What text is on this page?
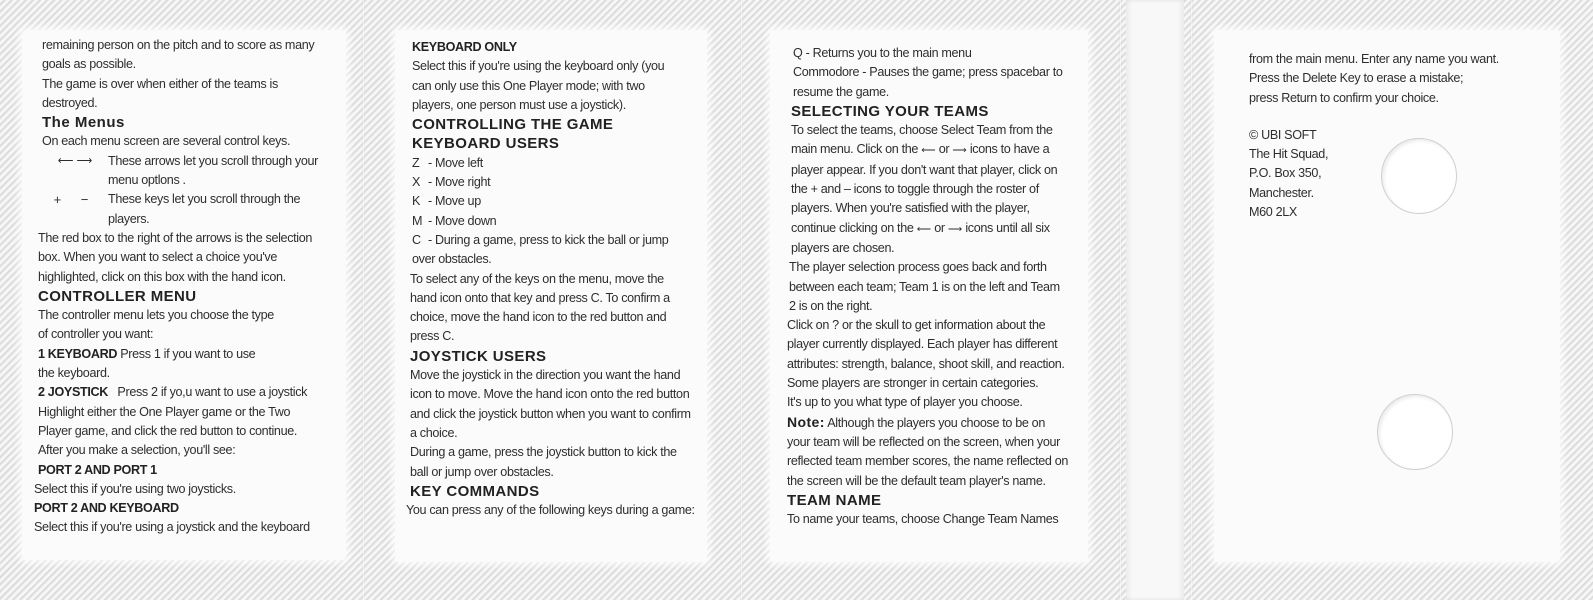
remaining person on the pitch and to score as many goals as possible.

The game is over when either of the teams is destroyed.

The Menus

On each menu screen are several control keys.

⟵ ⟶	These arrows let you scroll through your menu optlons .
+ − These keys let you scroll through the players.

The red box to the right of the arrows is the selection box. When you want to select a choice you've highlighted, click on this box with the hand icon.

CONTROLLER MENU

The controller menu lets you choose the type of controller you want:

1 KEYBOARD Press 1 if you want to use the keyboard.

2 JOYSTICK   Press 2 if yo,u want to use a joystick

Highlight either the One Player game or the Two Player game, and click the red button to continue.

After you make a selection, you'll see:

PORT 2 AND PORT 1

Select this if you're using two joysticks.

PORT 2 AND KEYBOARD

Select this if you're using a joystick and the keyboard

KEYBOARD ONLY

Select this if you're using the keyboard only (you can only use this One Player mode; with two players, one person must use a joystick).

CONTROLLING THE GAME

KEYBOARD USERS

Z - Move left

X - Move right

K - Move up

M - Move down

C - During a game, press to kick the ball or jump over obstacles.

To select any of the keys on the menu, move the hand icon onto that key and press C. To confirm a choice, move the hand icon to the red button and press C.

JOYSTICK USERS

Move the joystick in the direction you want the hand icon to move. Move the hand icon onto the red button and click the joystick button when you want to confirm a choice.

During a game, press the joystick button to kick the ball or jump over obstacles.

KEY COMMANDS

You can press any of the following keys during a game:

Q - Returns you to the main menu

Commodore - Pauses the game; press spacebar to resume the game.

SELECTING YOUR TEAMS

To select the teams, choose Select Team from the main menu. Click on the ⟵ or ⟶ icons to have a player appear. If you don't want that player, click on the + and – icons to toggle through the roster of players. When you're satisfied with the player, continue clicking on the ⟵ or ⟶ icons until all six players are chosen.

The player selection process goes back and forth between each team; Team 1 is on the left and Team 2 is on the right.

Click on ? or the skull to get information about the player currently displayed. Each player has different attributes: strength, balance, shoot skill, and reaction. Some players are stronger in certain categories.

It's up to you what type of player you choose.

Note: Although the players you choose to be on your team will be reflected on the screen, when your reflected team member scores, the name reflected on the screen will be the default team player's name.

TEAM NAME

To name your teams, choose Change Team Names

from the main menu. Enter any name you want.

Press the Delete Key to erase a mistake;

press Return to confirm your choice.

© UBI SOFT

The Hit Squad,

P.O. Box 350,

Manchester.

M60 2LX
